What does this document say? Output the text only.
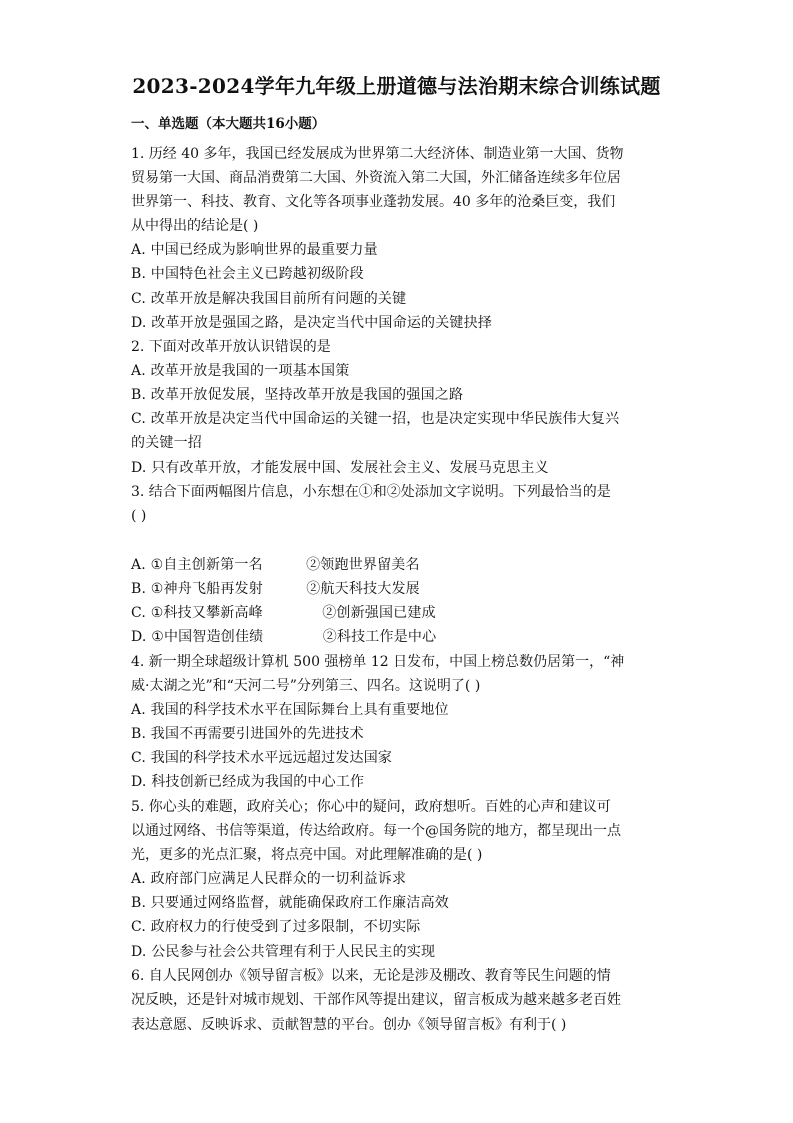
2023-2024学年九年级上册道德与法治期末综合训练试题
一、单选题（本大题共16小题）
1. 历经 40 多年，我国已经发展成为世界第二大经济体、制造业第一大国、货物
贸易第一大国、商品消费第二大国、外资流入第二大国，外汇储备连续多年位居
世界第一、科技、教育、文化等各项事业蓬勃发展。40 多年的沧桑巨变，我们
从中得出的结论是( )
A. 中国已经成为影响世界的最重要力量
B. 中国特色社会主义已跨越初级阶段
C. 改革开放是解决我国目前所有问题的关键
D. 改革开放是强国之路，是决定当代中国命运的关键抉择
2. 下面对改革开放认识错误的是
A. 改革开放是我国的一项基本国策
B. 改革开放促发展，坚持改革开放是我国的强国之路
C. 改革开放是决定当代中国命运的关键一招，也是决定实现中华民族伟大复兴
的关键一招
D. 只有改革开放，才能发展中国、发展社会主义、发展马克思主义
3. 结合下面两幅图片信息，小东想在①和②处添加文字说明。下列最恰当的是
( )
A. ①自主创新第一名	②领跑世界留美名
B. ①神舟飞船再发射	②航天科技大发展
C. ①科技又攀新高峰	②创新强国已建成
D. ①中国智造创佳绩	②科技工作是中心
4. 新一期全球超级计算机 500 强榜单 12 日发布，中国上榜总数仍居第一，“神
威·太湖之光”和“天河二号”分列第三、四名。这说明了( )
A. 我国的科学技术水平在国际舞台上具有重要地位
B. 我国不再需要引进国外的先进技术
C. 我国的科学技术水平远远超过发达国家
D. 科技创新已经成为我国的中心工作
5. 你心头的难题，政府关心；你心中的疑问，政府想听。百姓的心声和建议可
以通过网络、书信等渠道，传达给政府。每一个@国务院的地方，都呈现出一点
光，更多的光点汇聚，将点亮中国。对此理解准确的是( )
A. 政府部门应满足人民群众的一切利益诉求
B. 只要通过网络监督，就能确保政府工作廉洁高效
C. 政府权力的行使受到了过多限制，不切实际
D. 公民参与社会公共管理有利于人民民主的实现
6. 自人民网创办《领导留言板》以来，无论是涉及棚改、教育等民生问题的情
况反映，还是针对城市规划、干部作风等提出建议，留言板成为越来越多老百姓
表达意愿、反映诉求、贡献智慧的平台。创办《领导留言板》有利于( )
